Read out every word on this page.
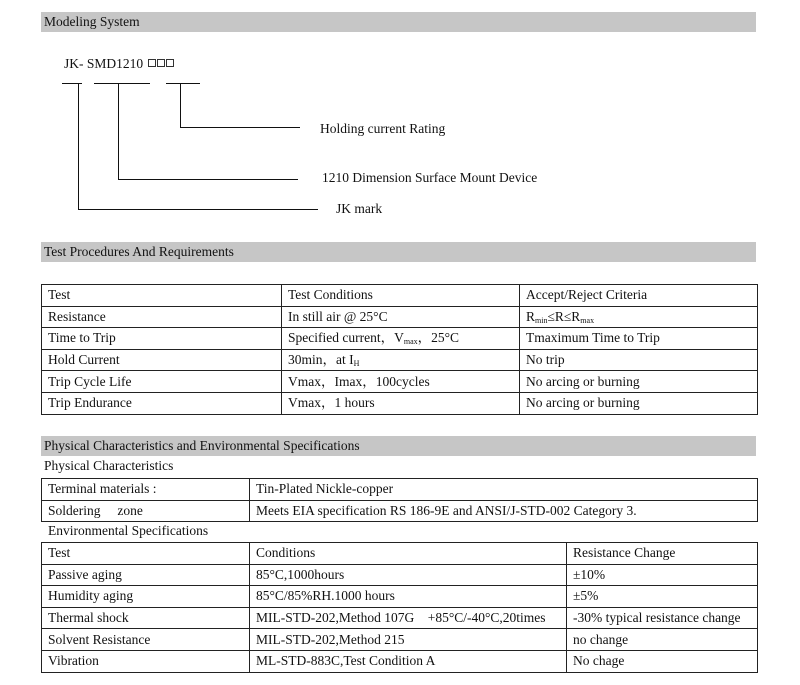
Modeling System
JK- SMD1210
Holding current Rating
1210 Dimension Surface Mount Device
JK mark
Test Procedures And Requirements
Test	Test Conditions	Accept/Reject Criteria
Resistance	In still air @ 25°C	$R_{min}\le R\le R_{max}$
Time to Trip	Specified current，$V_{max}$，25°C	Tmaximum Time to Trip
Hold Current	30min，at $I_H$	No trip
Trip Cycle Life	Vmax，Imax，100cycles	No arcing or burning
Trip Endurance	Vmax，1 hours	No arcing or burning
Physical Characteristics and Environmental Specifications
Physical Characteristics
Terminal materials :	Tin-Plated Nickle-copper
Soldering     zone	Meets EIA specification RS 186-9E and ANSI/J-STD-002 Category 3.
Environmental Specifications
Test	Conditions	Resistance Change
Passive aging	85°C,1000hours	±10%
Humidity aging	85°C/85%RH.1000 hours	±5%
Thermal shock	MIL-STD-202,Method 107G    +85°C/-40°C,20times	-30% typical resistance change
Solvent Resistance	MIL-STD-202,Method 215	no change
Vibration	ML-STD-883C,Test Condition A	No chage
